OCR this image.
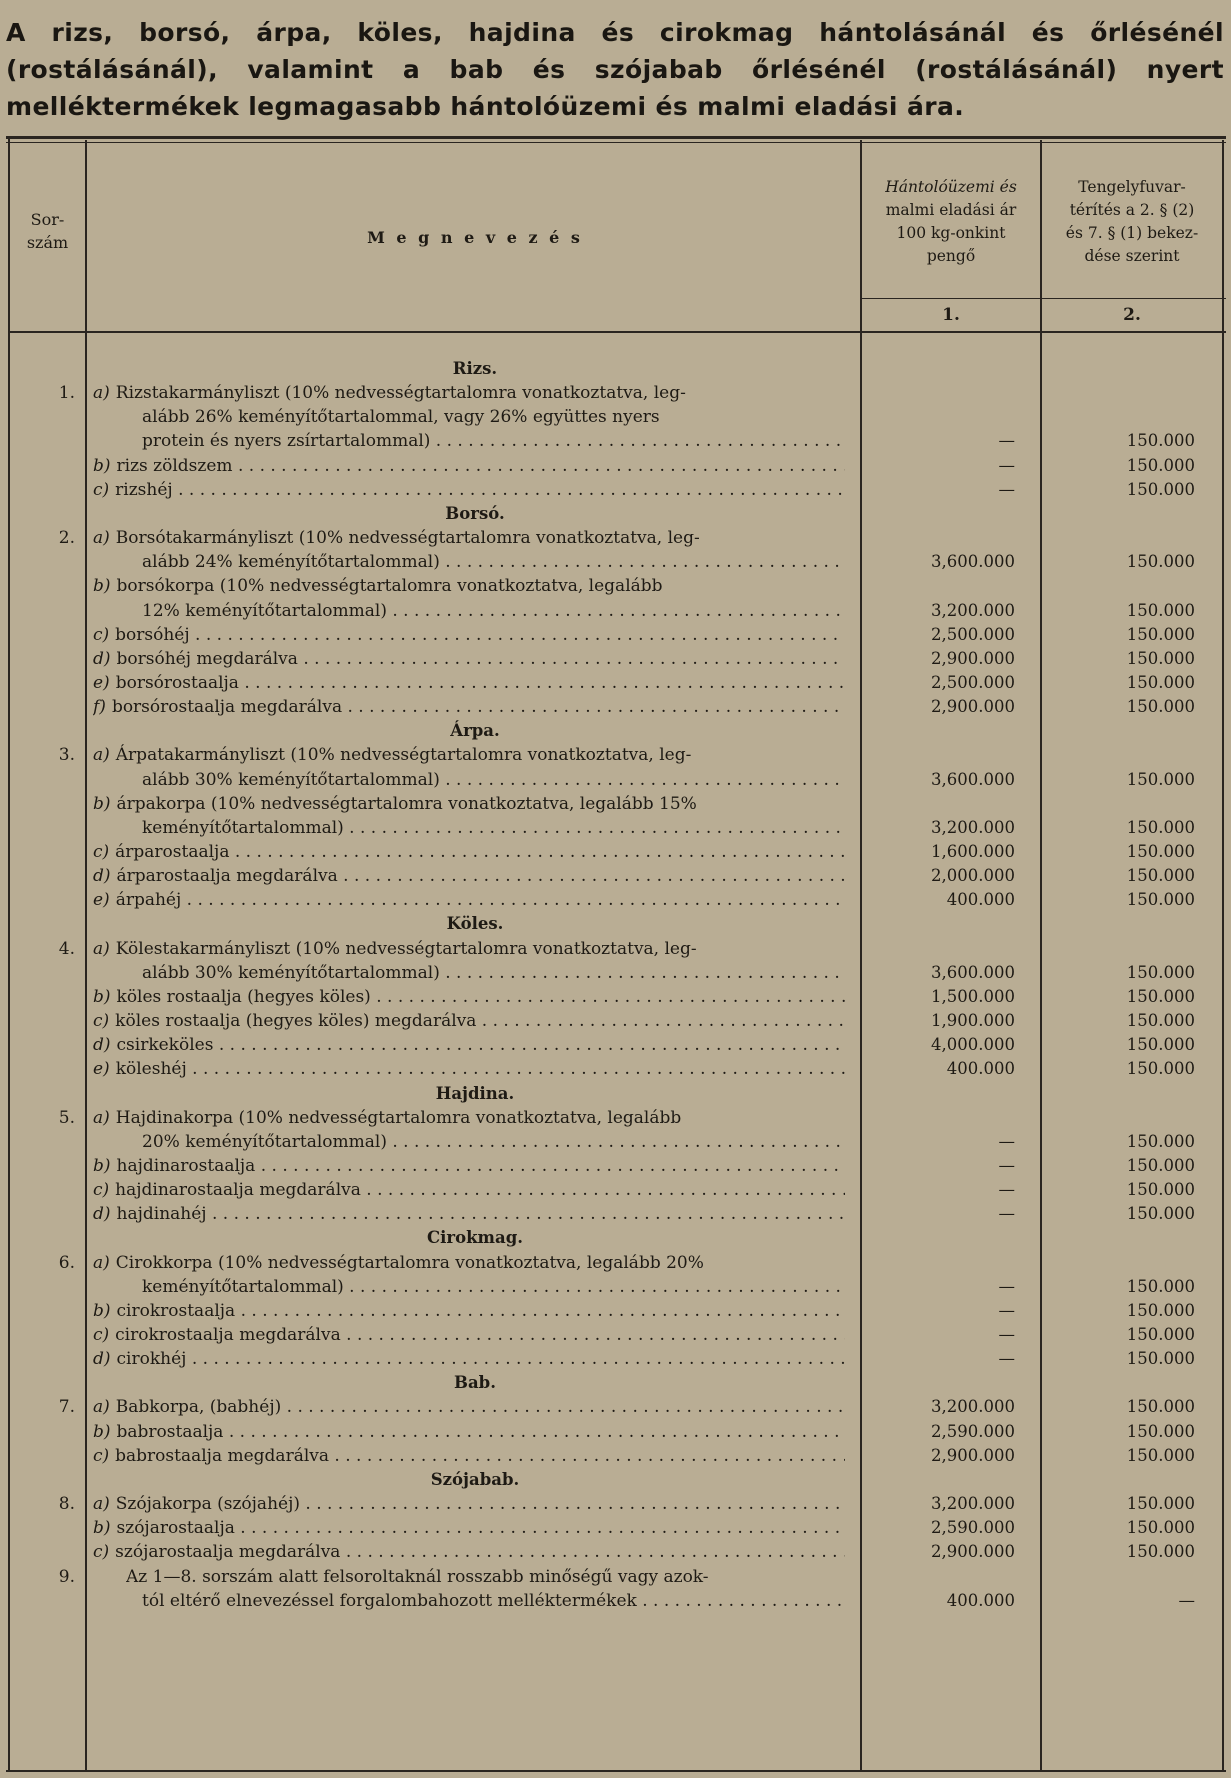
A rizs, borsó, árpa, köles, hajdina és cirokmag hántolásánál és őrlésénél (rostálásánál), valamint a bab és szójabab őrlésénél (rostálásánál) nyert melléktermékek legmagasabb hántolóüzemi és malmi eladási ára.
Sor-
szám	M e g n e v e z é s
Hántolóüzemi és
malmi eladási ár
100 kg-onkint
pengő
Tengelyfuvar-
térítés a 2. § (2)
és 7. § (1) bekez-
dése szerint
1.	2.
Rizs.
1. a) Rizstakarmányliszt (10% nedvességtartalomra vonatkoztatva, leg-
alább 26% keményítőtartalommal, vagy 26% együttes nyers
protein és nyers zsírtartalommal) . . .	—	150.000
b) rizs zöldszem . . .	—	150.000
c) rizshéj . . .	—	150.000
Borsó.
2. a) Borsótakarmányliszt (10% nedvességtartalomra vonatkoztatva, leg-
alább 24% keményítőtartalommal) . . .	3,600.000	150.000
b) borsókorpa (10% nedvességtartalomra vonatkoztatva, legalább
12% keményítőtartalommal) . . .	3,200.000	150.000
c) borsóhéj . . .	2,500.000	150.000
d) borsóhéj megdarálva . . .	2,900.000	150.000
e) borsórostaalja . . .	2,500.000	150.000
f) borsórostaalja megdarálva . . .	2,900.000	150.000
Árpa.
3. a) Árpatakarmányliszt (10% nedvességtartalomra vonatkoztatva, leg-
alább 30% keményítőtartalommal) . . .	3,600.000	150.000
b) árpakorpa (10% nedvességtartalomra vonatkoztatva, legalább 15%
keményítőtartalommal) . . .	3,200.000	150.000
c) árparostaalja . . .	1,600.000	150.000
d) árparostaalja megdarálva . . .	2,000.000	150.000
e) árpahéj . . .	400.000	150.000
Köles.
4. a) Kölestakarmányliszt (10% nedvességtartalomra vonatkoztatva, leg-
alább 30% keményítőtartalommal) . . .	3,600.000	150.000
b) köles rostaalja (hegyes köles) . . .	1,500.000	150.000
c) köles rostaalja (hegyes köles) megdarálva . . .	1,900.000	150.000
d) csirkeköles . . .	4,000.000	150.000
e) köleshéj . . .	400.000	150.000
Hajdina.
5. a) Hajdinakorpa (10% nedvességtartalomra vonatkoztatva, legalább
20% keményítőtartalommal) . . .	—	150.000
b) hajdinarostaalja . . .	—	150.000
c) hajdinarostaalja megdarálva . . .	—	150.000
d) hajdinahéj . . .	—	150.000
Cirokmag.
6. a) Cirokkorpa (10% nedvességtartalomra vonatkoztatva, legalább 20%
keményítőtartalommal) . . .	—	150.000
b) cirokrostaalja . . .	—	150.000
c) cirokrostaalja megdarálva . . .	—	150.000
d) cirokhéj . . .	—	150.000
Bab.
7. a) Babkorpa, (babhéj) . . .	3,200.000	150.000
b) babrostaalja . . .	2,590.000	150.000
c) babrostaalja megdarálva . . .	2,900.000	150.000
Szójabab.
8. a) Szójakorpa (szójahéj) . . .	3,200.000	150.000
b) szójarostaalja . . .	2,590.000	150.000
c) szójarostaalja megdarálva . . .	2,900.000	150.000
9.	Az 1—8. sorszám alatt felsoroltaknál rosszabb minőségű vagy azok-
tól eltérő elnevezéssel forgalombahozott melléktermékek . . .	400.000	—
